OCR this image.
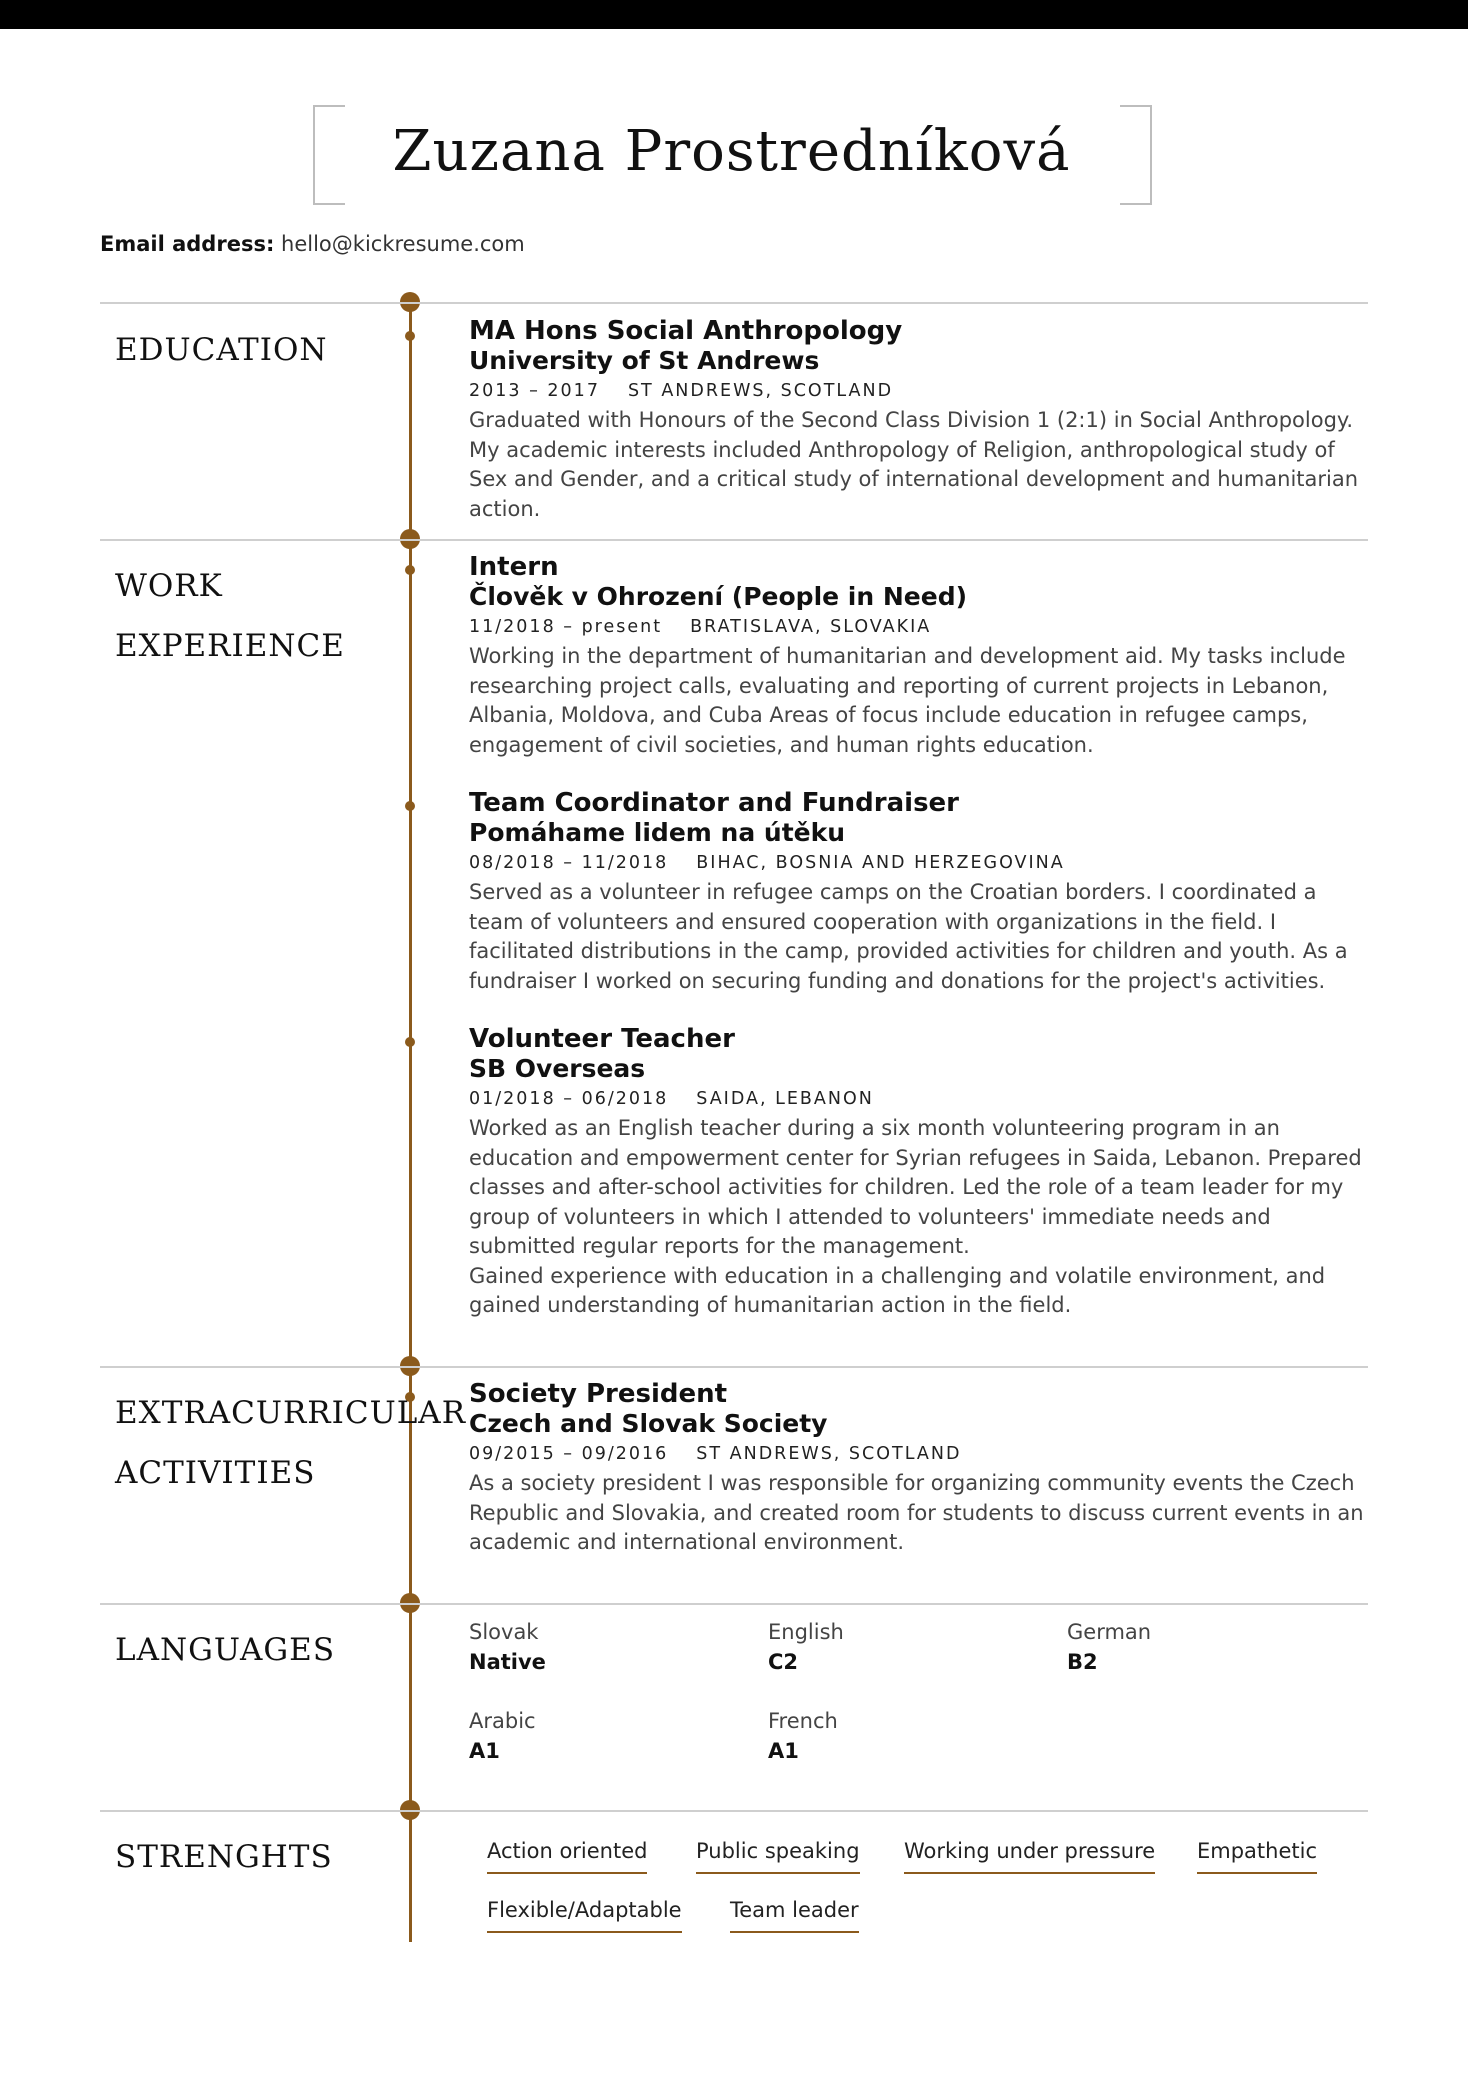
Zuzana Prostredníková
Email address: hello@kickresume.com
EDUCATION
MA Hons Social Anthropology
University of St Andrews
2013 – 2017 ST ANDREWS, SCOTLAND
Graduated with Honours of the Second Class Division 1 (2:1) in Social Anthropology. My academic interests included Anthropology of Religion, anthropological study of Sex and Gender, and a critical study of international development and humanitarian action.
WORK
EXPERIENCE
Intern
Člověk v Ohrození (People in Need)
11/2018 – present BRATISLAVA, SLOVAKIA
Working in the department of humanitarian and development aid. My tasks include researching project calls, evaluating and reporting of current projects in Lebanon, Albania, Moldova, and Cuba Areas of focus include education in refugee camps, engagement of civil societies, and human rights education.
Team Coordinator and Fundraiser
Pomáhame lidem na útěku
08/2018 – 11/2018 BIHAC, BOSNIA AND HERZEGOVINA
Served as a volunteer in refugee camps on the Croatian borders. I coordinated a team of volunteers and ensured cooperation with organizations in the field. I facilitated distributions in the camp, provided activities for children and youth. As a fundraiser I worked on securing funding and donations for the project's activities.
Volunteer Teacher
SB Overseas
01/2018 – 06/2018 SAIDA, LEBANON

Worked as an English teacher during a six month volunteering program in an education and empowerment center for Syrian refugees in Saida, Lebanon. Prepared classes and after-school activities for children. Led the role of a team leader for my group of volunteers in which I attended to volunteers' immediate needs and submitted regular reports for the management.

Gained experience with education in a challenging and volatile environment, and gained understanding of humanitarian action in the field.

EXTRACURRICULAR
ACTIVITIES
Society President
Czech and Slovak Society
09/2015 – 09/2016 ST ANDREWS, SCOTLAND
As a society president I was responsible for organizing community events the Czech Republic and Slovakia, and created room for students to discuss current events in an academic and international environment.
LANGUAGES	Slovak
Native
English
C2
German
B2
Arabic
A1
French
A1
STRENGHTS	Action oriented Public speaking Working under pressure Empathetic
Flexible/Adaptable Team leader
